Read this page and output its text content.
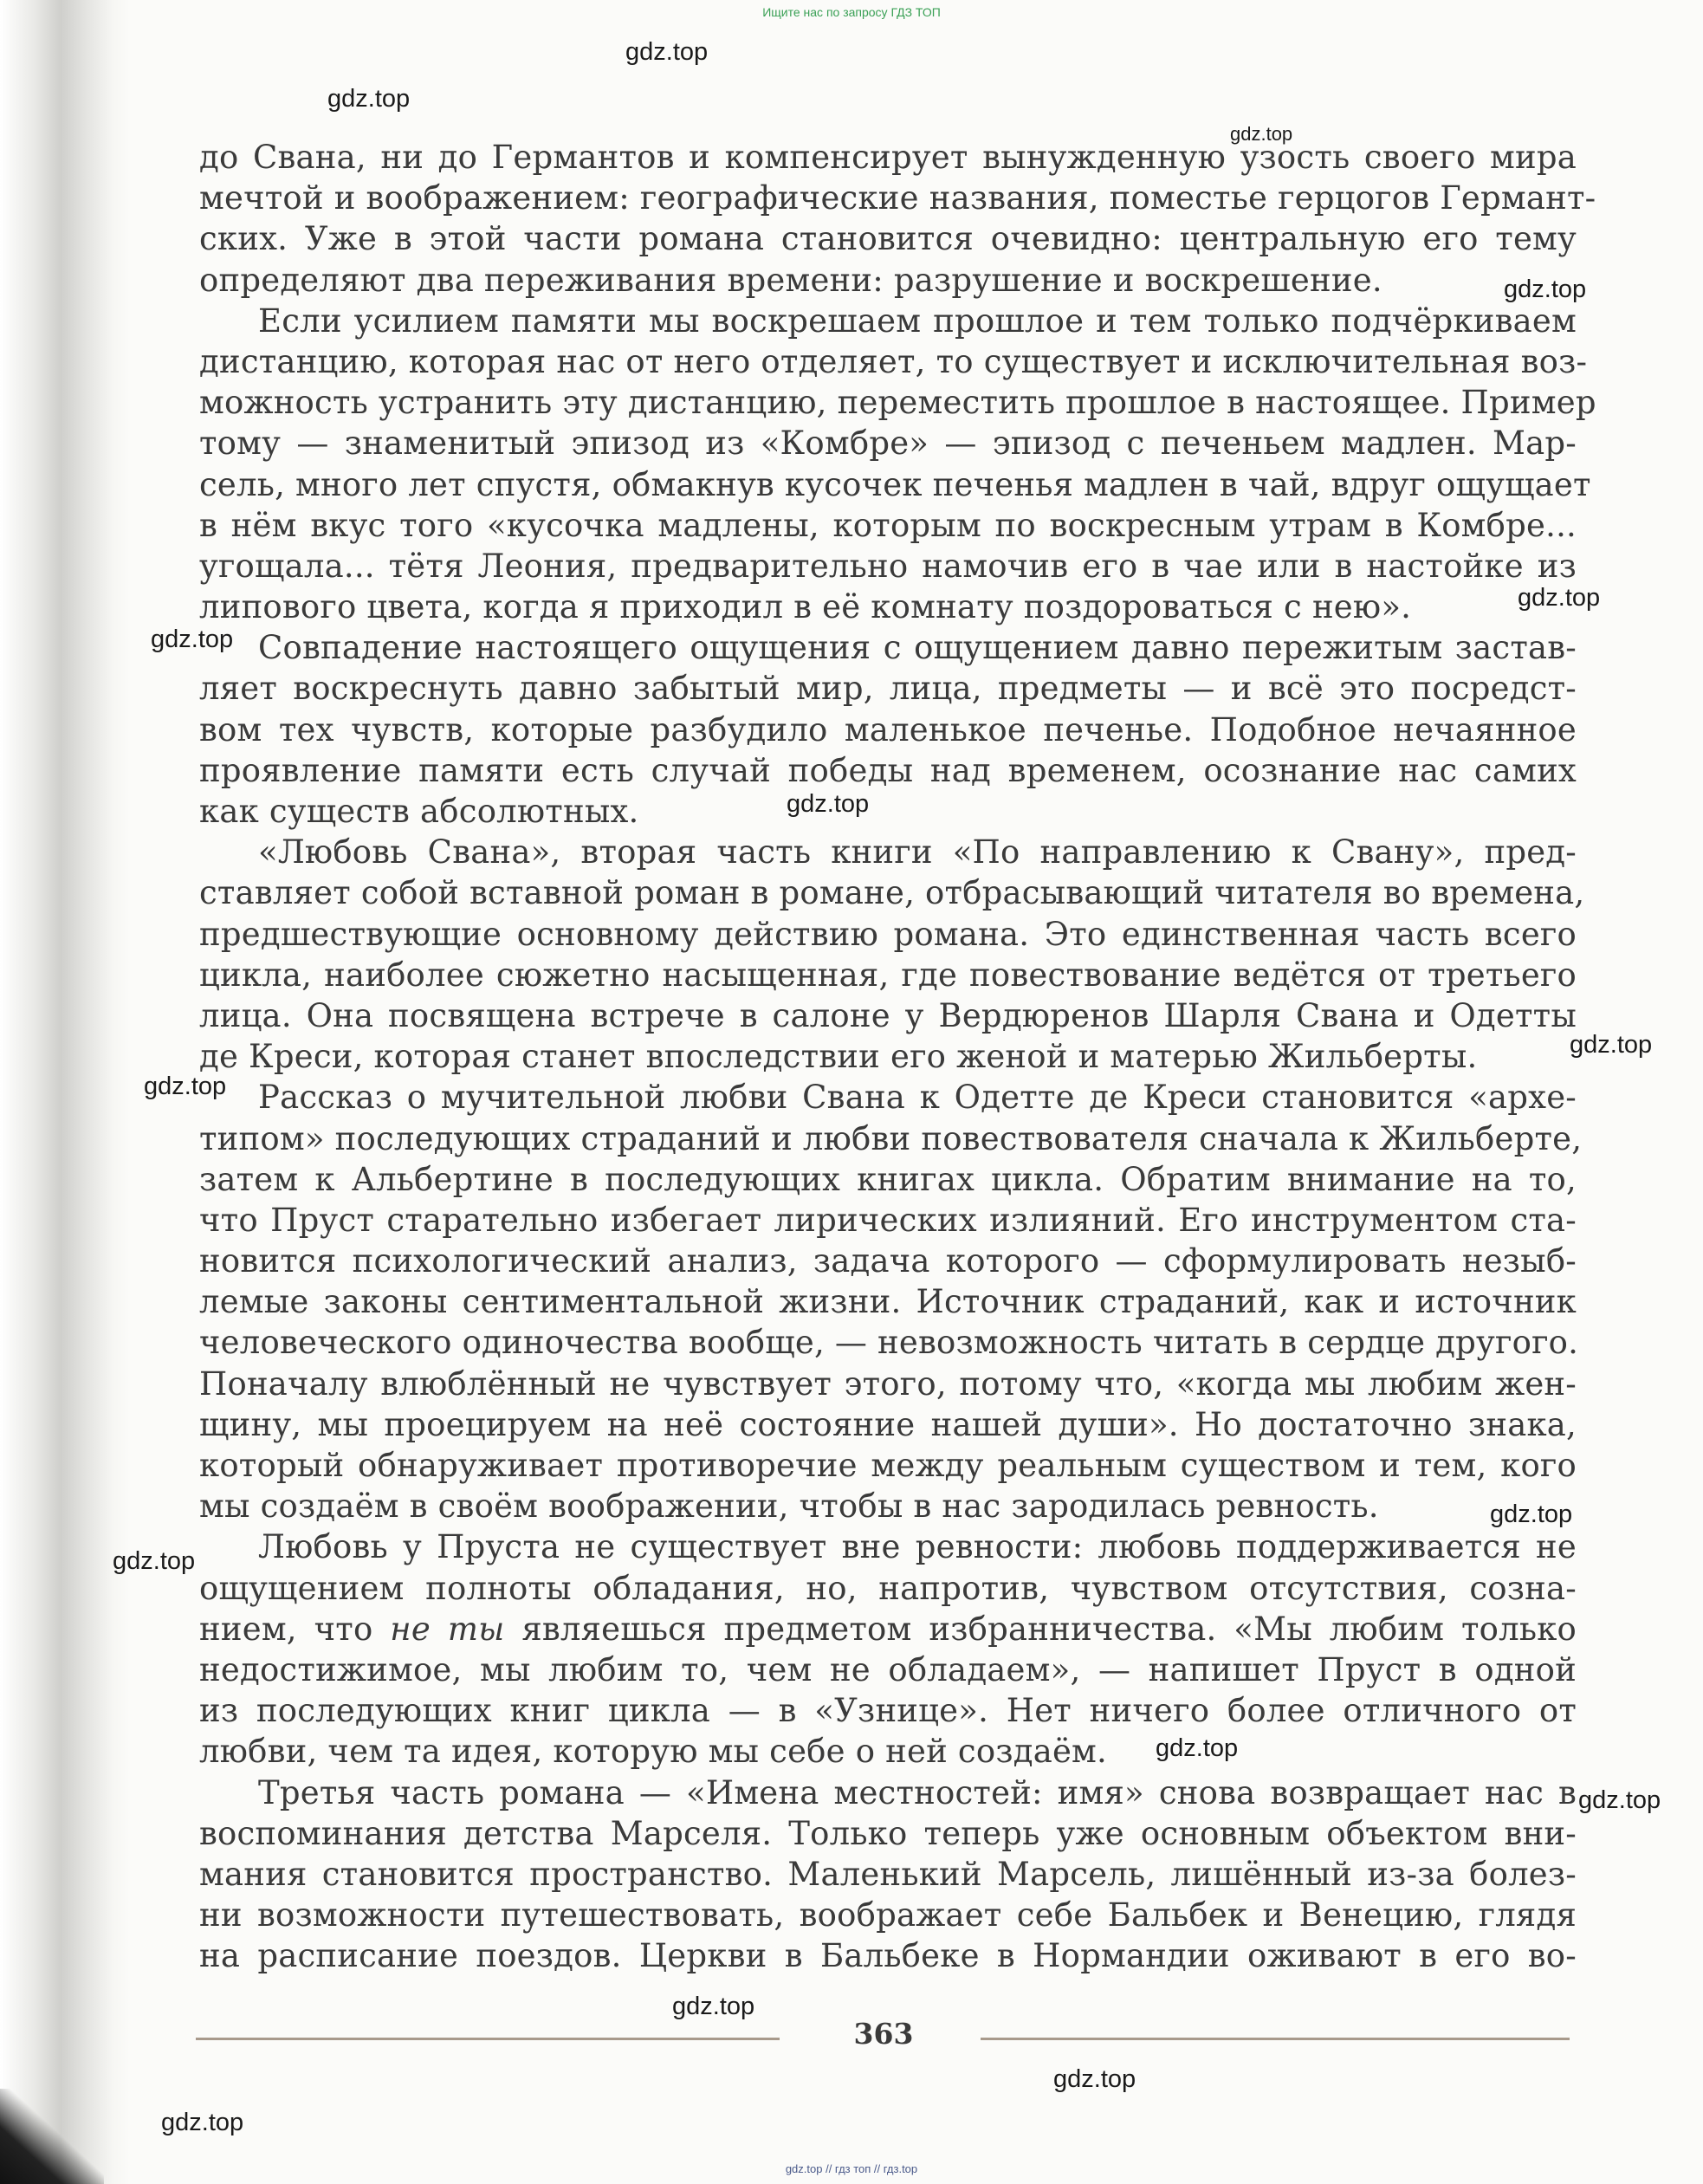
Ищите нас по запросу ГДЗ ТОП
до Свана, ни до Германтов и компенсирует вынужденную узость своего мира
мечтой и воображением: географические названия, поместье герцогов Германт-
ских. Уже в этой части романа становится очевидно: центральную его тему
определяют два переживания времени: разрушение и воскрешение.
Если усилием памяти мы воскрешаем прошлое и тем только подчёркиваем
дистанцию, которая нас от него отделяет, то существует и исключительная воз-
можность устранить эту дистанцию, переместить прошлое в настоящее. Пример
тому — знаменитый эпизод из «Комбре» — эпизод с печеньем мадлен. Мар-
сель, много лет спустя, обмакнув кусочек печенья мадлен в чай, вдруг ощущает
в нём вкус того «кусочка мадлены, которым по воскресным утрам в Комбре...
угощала... тётя Леония, предварительно намочив его в чае или в настойке из
липового цвета, когда я приходил в её комнату поздороваться с нею».
Совпадение настоящего ощущения с ощущением давно пережитым застав-
ляет воскреснуть давно забытый мир, лица, предметы — и всё это посредст-
вом тех чувств, которые разбудило маленькое печенье. Подобное нечаянное
проявление памяти есть случай победы над временем, осознание нас самих
как существ абсолютных.
«Любовь Свана», вторая часть книги «По направлению к Свану», пред-
ставляет собой вставной роман в романе, отбрасывающий читателя во времена,
предшествующие основному действию романа. Это единственная часть всего
цикла, наиболее сюжетно насыщенная, где повествование ведётся от третьего
лица. Она посвящена встрече в салоне у Вердюренов Шарля Свана и Одетты
де Креси, которая станет впоследствии его женой и матерью Жильберты.
Рассказ о мучительной любви Свана к Одетте де Креси становится «архе-
типом» последующих страданий и любви повествователя сначала к Жильберте,
затем к Альбертине в последующих книгах цикла. Обратим внимание на то,
что Пруст старательно избегает лирических излияний. Его инструментом ста-
новится психологический анализ, задача которого — сформулировать незыб-
лемые законы сентиментальной жизни. Источник страданий, как и источник
человеческого одиночества вообще, — невозможность читать в сердце другого.
Поначалу влюблённый не чувствует этого, потому что, «когда мы любим жен-
щину, мы проецируем на неё состояние нашей души». Но достаточно знака,
который обнаруживает противоречие между реальным существом и тем, кого
мы создаём в своём воображении, чтобы в нас зародилась ревность.
Любовь у Пруста не существует вне ревности: любовь поддерживается не
ощущением полноты обладания, но, напротив, чувством отсутствия, созна-
нием, что не ты являешься предметом избранничества. «Мы любим только
недостижимое, мы любим то, чем не обладаем», — напишет Пруст в одной
из последующих книг цикла — в «Узнице». Нет ничего более отличного от
любви, чем та идея, которую мы себе о ней создаём.
Третья часть романа — «Имена местностей: имя» снова возвращает нас в
воспоминания детства Марселя. Только теперь уже основным объектом вни-
мания становится пространство. Маленький Марсель, лишённый из-за болез-
ни возможности путешествовать, воображает себе Бальбек и Венецию, глядя
на расписание поездов. Церкви в Бальбеке в Нормандии оживают в его во-
gdz.top
gdz.top
gdz.top
gdz.top
gdz.top
gdz.top
gdz.top
gdz.top
gdz.top
gdz.top
gdz.top
gdz.top
gdz.top
gdz.top
gdz.top
gdz.top
363
gdz.top // гдз топ // гдз.top
